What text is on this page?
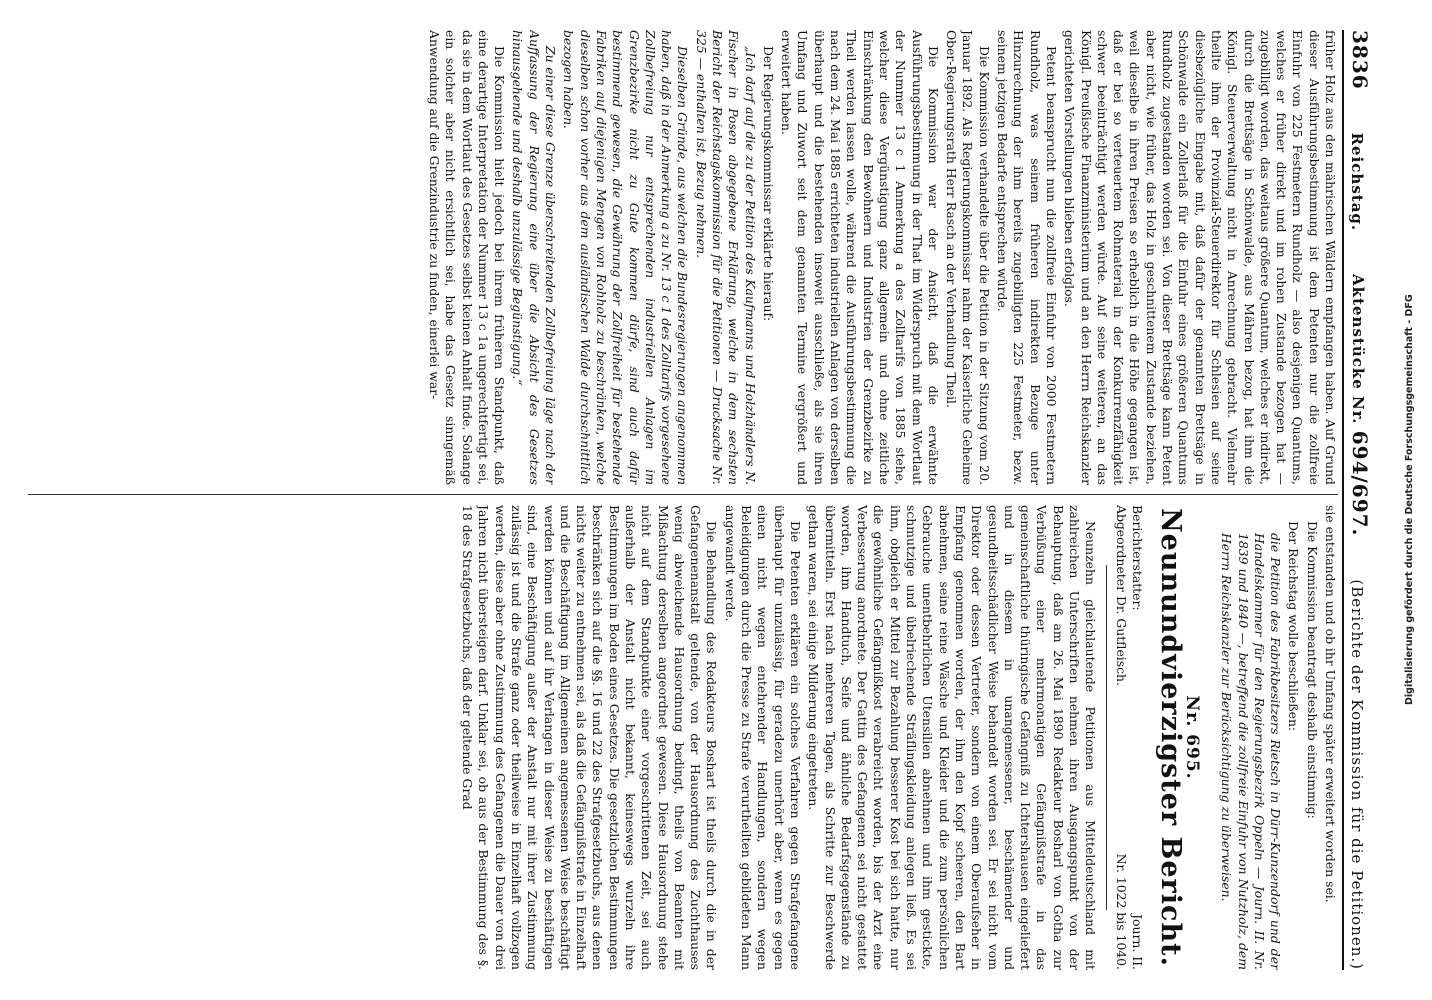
3836
Reichstag.
Aktenstücke Nr. 694/697.
(Berichte der Kommission für die Petitionen.)

früher Holz aus den mährischen Wäldern empfangen haben. Auf Grund dieser Ausführungsbestimmung ist dem Petenten nur die zollfreie Einfuhr von 225 Festmetern Rundholz — also desjenigen Quantums, welches er früher direkt und im rohen Zustande bezogen hat — zugebilligt worden, das weitaus größere Quantum, welches er indirekt, durch die Brettsäge in Schönwalde, aus Mähren bezog, hat ihm die Königl. Steuerverwaltung nicht in Anrechnung gebracht. Vielmehr theilte ihm der Provinzial-Steuerdirektor für Schlesien auf seine diesbezügliche Eingabe mit, daß dafür der genannten Brettsäge in Schönwalde ein Zollerlaß für die Einfuhr eines größeren Quantums Rundholz zugestanden worden sei. Von dieser Brettsäge kann Petent aber nicht, wie früher, das Holz in geschnittenem Zustande beziehen, weil dieselbe in ihren Preisen so erheblich in die Höhe gegangen ist, daß er bei so verteuertem Rohmaterial in der Konkurrenzfähigkeit schwer beeinträchtigt werden würde. Auf seine weiteren, an das Königl. Preußische Finanzministerium und an den Herrn Reichskanzler gerichteten Vorstellungen blieben erfolglos.

Petent beansprucht nun die zollfreie Einfuhr von 2000 Festmetern Rundholz, was seinem früheren indirekten Bezuge unter Hinzurechnung der ihm bereits zugebilligten 225 Festmeter, bezw. seinem jetzigen Bedarfe entsprechen würde.

Die Kommission verhandelte über die Petition in der Sitzung vom 20. Januar 1892. Als Regierungskommissar nahm der Kaiserliche Geheime Ober-Regierungsrath Herr Rasch an der Verhandlung Theil.

Die Kommission war der Ansicht, daß die erwähnte Ausführungsbestimmung in der That im Widerspruch mit dem Wortlaut der Nummer 13 c 1 Anmerkung a des Zolltarifs von 1885 stehe, welcher diese Vergünstigung ganz allgemein und ohne zeitliche Einschränkung den Bewohnern und Industrien der Grenzbezirke zu Theil werden lassen wolle, während die Ausführungsbestimmung die nach dem 24. Mai 1885 errichteten industriellen Anlagen von derselben überhaupt und die bestehenden insoweit ausschließe, als sie ihren Umfang und Zuwort seit dem genannten Termine vergrößert und erweitert haben.

Der Regierungskommissar erklärte hierauf:

„Ich darf auf die zu der Petition des Kaufmanns und Holzhändlers N. Fischer in Posen abgegebene Erklärung, welche in dem sechsten Bericht der Reichstagskommission für die Petitionen — Drucksache Nr. 325 — enthalten ist, Bezug nehmen.

Dieselben Gründe, aus welchen die Bundesregierungen angenommen haben, daß in der Anmerkung a zu Nr. 13 c 1 des Zolltarifs vorgesehene Zollbefreiung nur entsprechenden industriellen Anlagen im Grenzbezirke nicht zu Gute kommen dürfe, sind auch dafür bestimmend gewesen, die Gewährung der Zollfreiheit für bestehende Fabriken auf diejenigen Mengen von Rohholz zu beschränken, welche dieselben schon vorher aus dem ausländischen Walde durchschnittlich bezogen haben.

Zu einer diese Grenze überschreitenden Zollbefreiung läge nach der Auffassung der Regierung eine über die Absicht des Gesetzes hinausgehende und deshalb unzulässige Begünstigung.“

Die Kommission hielt jedoch bei ihrem früheren Standpunkt, daß eine derartige Interpretation der Nummer 13 c 1a ungerechtfertigt sei, da sie in dem Wortlaut des Gesetzes selbst keinen Anhalt finde. Solange ein solcher aber nicht ersichtlich sei, habe das Gesetz sinngemäß Anwendung auf die Grenzindustrie zu finden, einerlei war-

sie entstanden und ob ihr Umfang später erweitert worden sei.

Die Kommission beantragt deshalb einstimmig:

Der Reichstag wolle beschließen:

die Petition des Fabrikbesitzers Rietsch in Dürr-Kunzendorf und der Handelskammer für den Regierungsbezirk Oppeln — Journ. II. Nr. 1839 und 1840 —, betreffend die zollfreie Einfuhr von Nutzholz, dem Herrn Reichskanzler zur Berücksichtigung zu überweisen.

Nr. 695.
Neunundvierzigster Bericht.
Berichterstatter:
Abgeordneter Dr. Gutfleisch.
Journ. II.
Nr. 1022 bis 1040.

Neunzehn gleichlautende Petitionen aus Mitteldeutschland mit zahlreichen Unterschriften nehmen ihren Ausgangspunkt von der Behauptung, daß am 26. Mai 1890 Redakteur Bosharl von Gotha zur Verbüßung einer mehrmonatigen Gefängnißstrafe in das gemeinschaftliche thüringische Gefängniß zu Ichtershausen eingeliefert und in diesem in unangemessener, beschämender und gesundheitsschädlicher Weise behandelt worden sei. Er sei nicht vom Direktor oder dessen Vertreter, sondern von einem Oberaufseher in Empfang genommen worden, der ihm den Kopf scheeren, den Bart abnehmen, seine reine Wäsche und Kleider und die zum persönlichen Gebrauche unentbehrlichen Utensilien abnehmen und ihm gestickte, schmutzige und übelriechende Sträflingskleidung anlegen ließ. Es sei ihm, obgleich er Mittel zur Bezahlung besserer Kost bei sich hatte, nur die gewöhnliche Gefängnißkost verabreicht worden, bis der Arzt eine Verbesserung anordnete. Der Gattin des Gefangenen sei nicht gestattet worden, ihm Handtuch, Seife und ähnliche Bedarfsgegenstände zu übermitteln. Erst nach mehreren Tagen, als Schritte zur Beschwerde gethan waren, sei einige Milderung eingetreten.

Die Petenten erklären ein solches Verfahren gegen Strafgefangene überhaupt für unzulässig, für geradezu unerhört aber, wenn es gegen einen nicht wegen entehrender Handlungen, sondern wegen Beleidigungen durch die Presse zu Strafe verurtheilten gebildeten Mann angewandt werde.

Die Behandlung des Redakteurs Boshart ist theils durch die in der Gefangenenanstalt geltende, von der Hausordnung des Zuchthauses wenig abweichende Hausordnung bedingt, theils von Beamten mit Mißachtung derselben angeordnet gewesen. Diese Hausordnung stehe nicht auf dem Standpunkte einer vorgeschrittenen Zeit, sei auch außerhalb der Anstalt nicht bekannt, keineswegs wurzeln ihre Bestimmungen im Boden eines Gesetzes. Die gesetzlichen Bestimmungen beschränken sich auf die §§. 16 und 22 des Strafgesetzbuchs, aus denen nichts weiter zu entnehmen sei, als daß die Gefängnißstrafe in Einzelhaft und die Beschäftigung im Allgemeinen angemessenen Weise beschäftigt werden können und auf ihr Verlangen in dieser Weise zu beschäftigen sind, eine Beschäftigung außer der Anstalt nur mit ihrer Zustimmung zulässig ist und die Strafe ganz oder theilweise in Einzelhaft vollzogen werden, diese aber ohne Zustimmung des Gefangenen die Dauer von drei Jahren nicht übersteigen darf. Unklar sei, ob aus der Bestimmung des §. 18 des Strafgesetzbuchs, daß der geltende Grad	Digitalisierung gefördert durch die Deutsche Forschungsgemeinschaft - DFG
